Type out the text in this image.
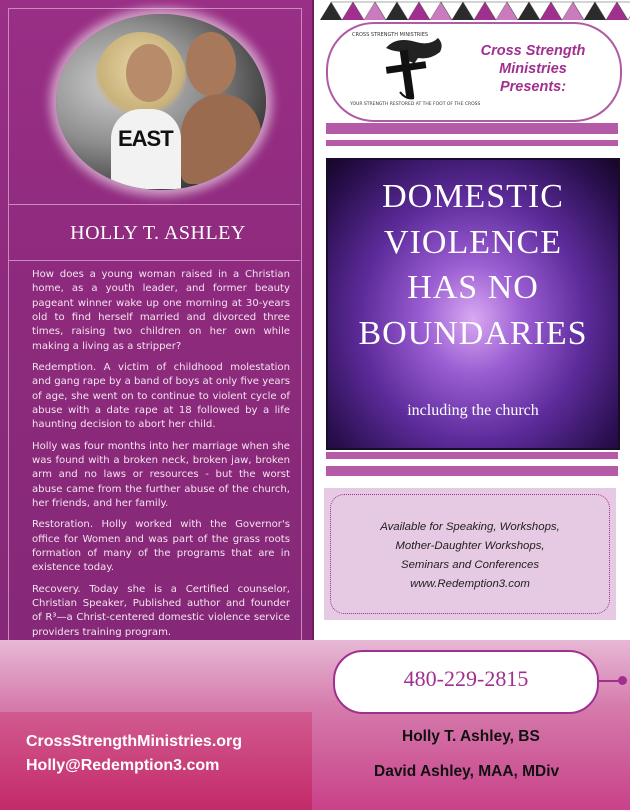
EAST
HOLLY T. ASHLEY

How does a young woman raised in a Christian home, as a youth leader, and former beauty pageant winner wake up one morning at 30-years old to find herself married and divorced three times, raising two children on her own while making a living as a stripper?

Redemption. A victim of childhood molestation and gang rape by a band of boys at only five years of age, she went on to continue to violent cycle of abuse with a date rape at 18 followed by a life haunting decision to abort her child.

Holly was four months into her marriage when she was found with a broken neck, broken jaw, broken arm and no laws or resources - but the worst abuse came from the further abuse of the church, her friends, and her family.

Restoration. Holly worked with the Governor's office for Women and was part of the grass roots formation of many of the programs that are in existence today.

Recovery. Today she is a Certified counselor, Christian Speaker, Published author and founder of R³—a Christ-centered domestic violence service providers training program.

CROSS STRENGTH MINISTRIES
YOUR STRENGTH RESTORED AT THE FOOT OF THE CROSS
Cross Strength
Ministries
Presents:
DOMESTIC
VIOLENCE
HAS NO
BOUNDARIES
including the church
Available for Speaking, Workshops,
Mother-Daughter Workshops,
Seminars and Conferences
www.Redemption3.com
480-229-2815
CrossStrengthMinistries.org
Holly@Redemption3.com
Holly T. Ashley, BS
David Ashley, MAA, MDiv
